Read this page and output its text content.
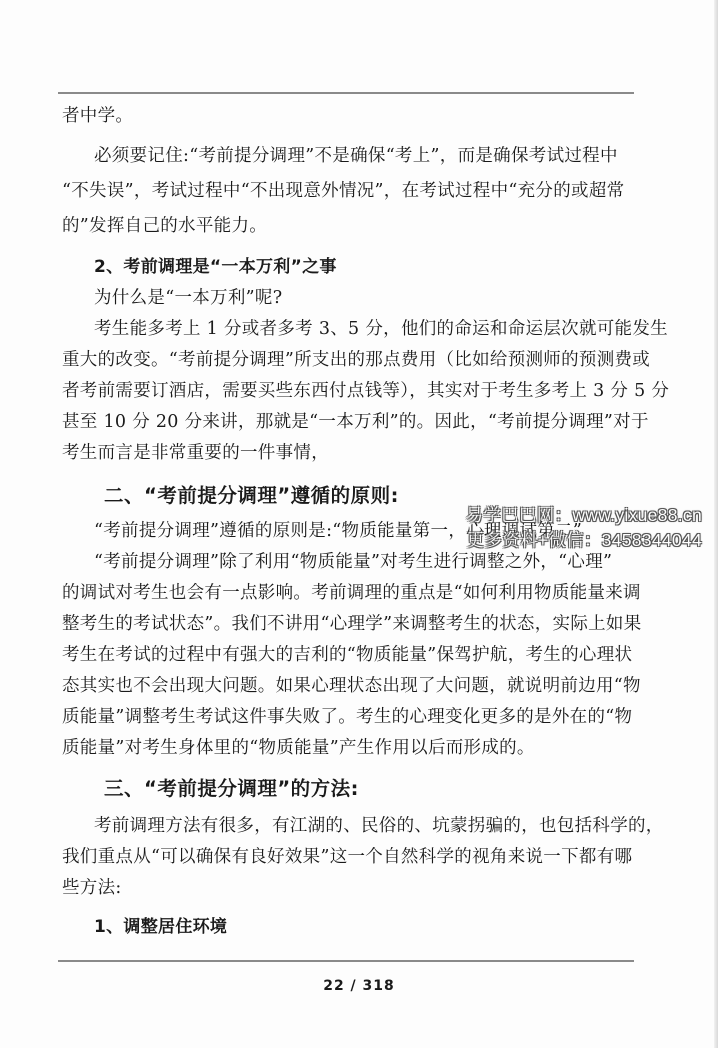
者中学。
必须要记住:“考前提分调理”不是确保“考上”，而是确保考试过程中
“不失误”，考试过程中“不出现意外情况”，在考试过程中“充分的或超常
的”发挥自己的水平能力。
2、考前调理是“一本万利”之事
为什么是“一本万利”呢?
考生能多考上 1 分或者多考 3、5 分，他们的命运和命运层次就可能发生
重大的改变。“考前提分调理”所支出的那点费用（比如给预测师的预测费或
者考前需要订酒店，需要买些东西付点钱等），其实对于考生多考上 3 分 5 分
甚至 10 分 20 分来讲，那就是“一本万利”的。因此，“考前提分调理”对于
考生而言是非常重要的一件事情，
二、“考前提分调理”遵循的原则:
“考前提分调理”遵循的原则是:“物质能量第一，心理调试第二”
“考前提分调理”除了利用“物质能量”对考生进行调整之外，“心理”
的调试对考生也会有一点影响。考前调理的重点是“如何利用物质能量来调
整考生的考试状态”。我们不讲用“心理学”来调整考生的状态，实际上如果
考生在考试的过程中有强大的吉利的“物质能量”保驾护航，考生的心理状
态其实也不会出现大问题。如果心理状态出现了大问题，就说明前边用“物
质能量”调整考生考试这件事失败了。考生的心理变化更多的是外在的“物
质能量”对考生身体里的“物质能量”产生作用以后而形成的。
三、“考前提分调理”的方法:
考前调理方法有很多，有江湖的、民俗的、坑蒙拐骗的，也包括科学的，
我们重点从“可以确保有良好效果”这一个自然科学的视角来说一下都有哪
些方法:
1、调整居住环境
22 / 318
易学巴巴网：www.yixue88.cn
更多资料+微信：3458344044
